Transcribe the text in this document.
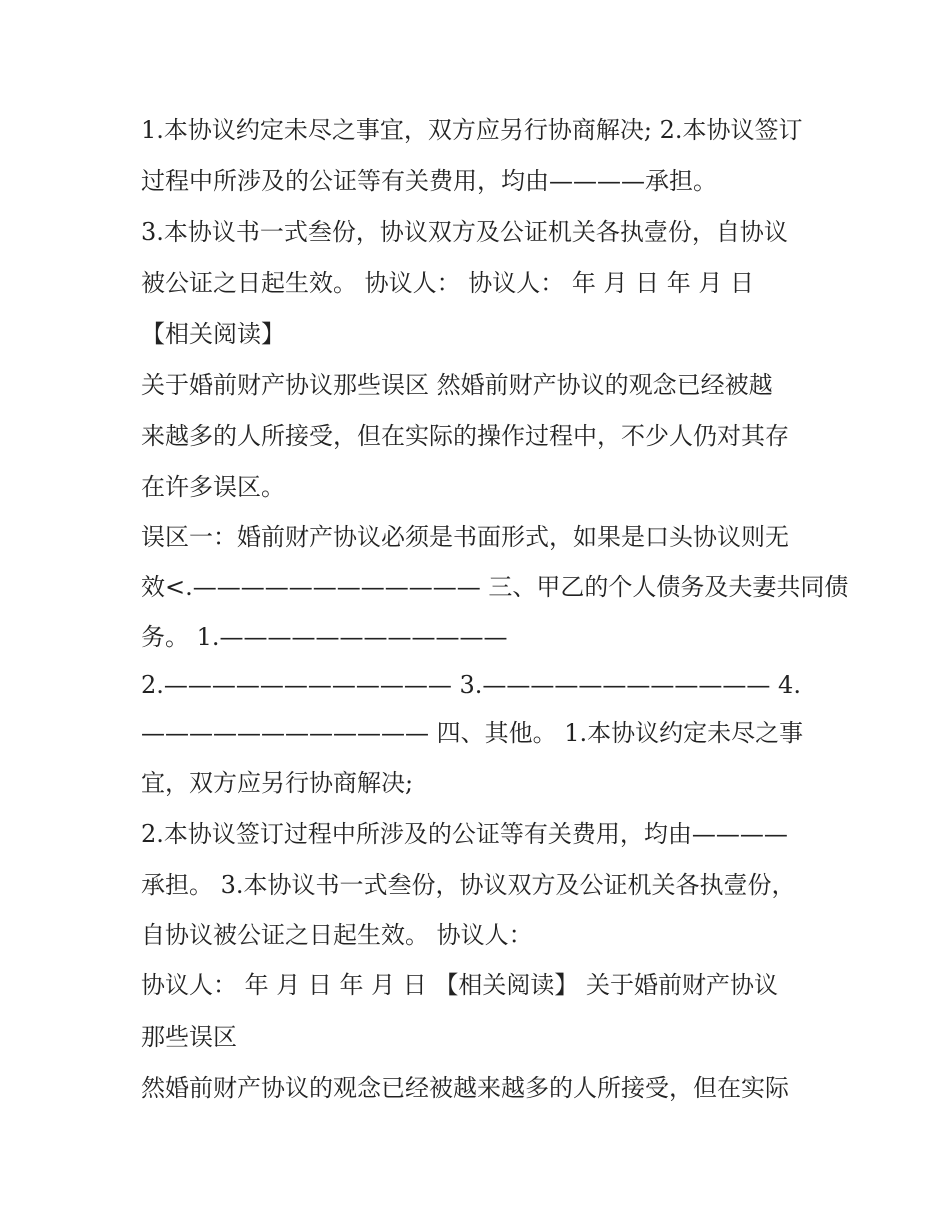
1.本协议约定未尽之事宜，双方应另行协商解决; 2.本协议签订

过程中所涉及的公证等有关费用，均由————承担。

3.本协议书一式叁份，协议双方及公证机关各执壹份，自协议

被公证之日起生效。 协议人： 协议人： 年 月 日 年 月 日

【相关阅读】

关于婚前财产协议那些误区 然婚前财产协议的观念已经被越

来越多的人所接受，但在实际的操作过程中，不少人仍对其存

在许多误区。

误区一：婚前财产协议必须是书面形式，如果是口头协议则无

效<.———————————— 三、甲乙的个人债务及夫妻共同债

务。 1.————————————

2.———————————— 3.———————————— 4.

———————————— 四、其他。 1.本协议约定未尽之事

宜，双方应另行协商解决;

2.本协议签订过程中所涉及的公证等有关费用，均由————

承担。 3.本协议书一式叁份，协议双方及公证机关各执壹份，

自协议被公证之日起生效。 协议人：

协议人： 年 月 日 年 月 日 【相关阅读】 关于婚前财产协议

那些误区

然婚前财产协议的观念已经被越来越多的人所接受，但在实际
